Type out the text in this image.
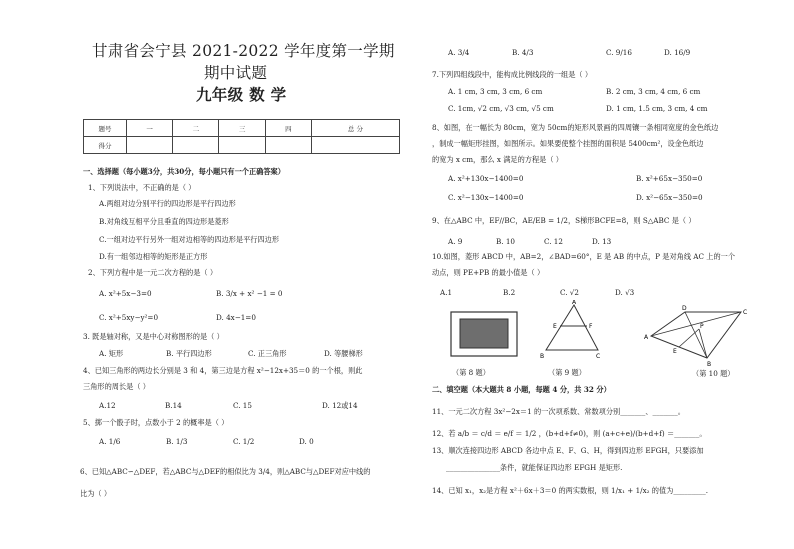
甘肃省会宁县 2021-2022 学年度第一学期
期中试题
九年级 数 学
题号	一	二	三	四	总 分
得分					
一、选择题（每小题3分，共30分，每小题只有一个正确答案）
1、下列说法中，不正确的是（ ）
A.两组对边分别平行的四边形是平行四边形
B.对角线互相平分且垂直的四边形是菱形
C.一组对边平行另外一组对边相等的四边形是平行四边形
D.有一组邻边相等的矩形是正方形
2、下列方程中是一元二次方程的是（ ）
A. x²+5x−3=0	B. 3/x + x² −1 = 0
C. x²+5xy−y²=0	D. 4x−1=0
3. 既是轴对称，又是中心对称图形的是（ ）
A. 矩形	B. 平行四边形	C. 正三角形	D. 等腰梯形
4、已知三角形的两边长分别是 3 和 4，第三边是方程 x²−12x+35＝0 的一个根，则此
三角形的周长是（ ）
A.12	B.14	C. 15	D. 12或14
5、掷一个骰子时，点数小于 2 的概率是（ ）
A. 1/6	B. 1/3	C. 1/2	D. 0
6、已知△ABC∽△DEF，若△ABC与△DEF的相似比为 3/4，则△ABC与△DEF对应中线的
比为（ ）
A. 3/4	B. 4/3	C. 9/16	D. 16/9
7.下列四组线段中，能构成比例线段的一组是（ ）
A. 1 cm, 3 cm, 3 cm, 6 cm	B. 2 cm, 3 cm, 4 cm, 6 cm
C. 1cm, √2 cm, √3 cm, √5 cm	D. 1 cm, 1.5 cm, 3 cm, 4 cm
8、如图，在一幅长为 80cm，宽为 50cm的矩形风景画的四周镶一条相同宽度的金色纸边
，制成一幅矩形挂图，如图所示。如果要使整个挂图的面积是 5400cm²，设金色纸边
的宽为 x cm，那么 x 满足的方程是（ ）
A. x²+130x−1400=0	B. x²+65x−350=0
C. x²−130x−1400=0	D. x²−65x−350=0
9、在△ABC 中，EF//BC，AE/EB = 1/2，S梯形BCFE=8，则 S△ABC 是（ ）
A. 9	B. 10	C. 12	D. 13
10.如图，菱形 ABCD 中，AB=2，∠BAD=60°，E 是 AB 的中点，P 是对角线 AC 上的一个
动点，则 PE+PB 的最小值是（ ）
A.1	B.2	C. √2	D. √3
A
E	F
B	C
A
D
C
B
E
P
（第 8 题）	（第 9 题）	（第 10 题）
二、填空题（本大题共 8 小题，每题 4 分，共 32 分）
11、一元二次方程 3x²−2x＝1 的一次项系数、常数项分别_______、_______。
12、若 a/b ＝ c/d ＝ e/f ＝ 1/2 ，(b+d+f≠0)，则 (a+c+e)/(b+d+f) ＝_______。
13、顺次连接四边形 ABCD 各边中点 E、F、G、H，得到四边形 EFGH，只要添加
_______________条件，就能保证四边形 EFGH 是矩形.
14、已知 x₁，x₂是方程 x²＋6x＋3＝0 的两实数根，则 1/x₁ + 1/x₂ 的值为_________.
